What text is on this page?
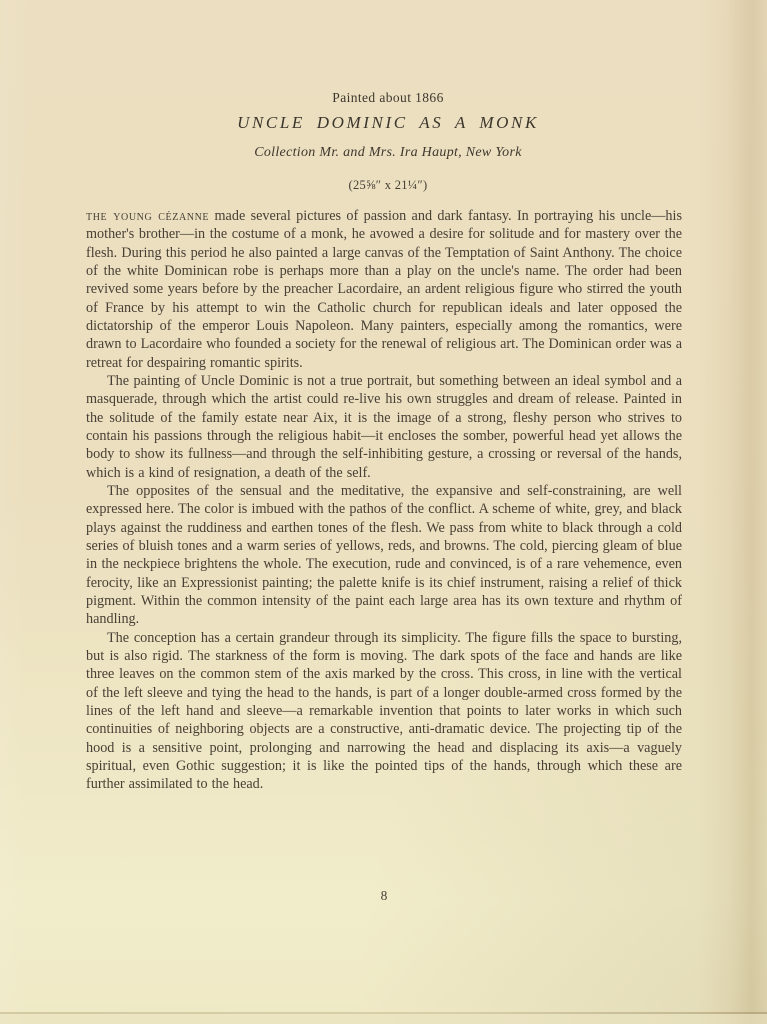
Painted about 1866

UNCLE DOMINIC AS A MONK

Collection Mr. and Mrs. Ira Haupt, New York

(25⅝″ x 21¼″)

the young cézanne made several pictures of passion and dark fantasy. In portraying his uncle—his mother's brother—in the costume of a monk, he avowed a desire for solitude and for mastery over the flesh. During this period he also painted a large canvas of the Temptation of Saint Anthony. The choice of the white Dominican robe is perhaps more than a play on the uncle's name. The order had been revived some years before by the preacher Lacordaire, an ardent religious figure who stirred the youth of France by his attempt to win the Catholic church for republican ideals and later opposed the dictatorship of the emperor Louis Napoleon. Many painters, especially among the romantics, were drawn to Lacordaire who founded a society for the renewal of religious art. The Dominican order was a retreat for despairing romantic spirits.

The painting of Uncle Dominic is not a true portrait, but something between an ideal symbol and a masquerade, through which the artist could re-live his own struggles and dream of release. Painted in the solitude of the family estate near Aix, it is the image of a strong, fleshy person who strives to contain his passions through the religious habit—it encloses the somber, powerful head yet allows the body to show its fullness—and through the self-inhibiting gesture, a crossing or reversal of the hands, which is a kind of resignation, a death of the self.

The opposites of the sensual and the meditative, the expansive and self-constraining, are well expressed here. The color is imbued with the pathos of the conflict. A scheme of white, grey, and black plays against the ruddiness and earthen tones of the flesh. We pass from white to black through a cold series of bluish tones and a warm series of yellows, reds, and browns. The cold, piercing gleam of blue in the neckpiece brightens the whole. The execution, rude and convinced, is of a rare vehemence, even ferocity, like an Expressionist painting; the palette knife is its chief instrument, raising a relief of thick pigment. Within the common intensity of the paint each large area has its own texture and rhythm of handling.

The conception has a certain grandeur through its simplicity. The figure fills the space to bursting, but is also rigid. The starkness of the form is moving. The dark spots of the face and hands are like three leaves on the common stem of the axis marked by the cross. This cross, in line with the vertical of the left sleeve and tying the head to the hands, is part of a longer double-armed cross formed by the lines of the left hand and sleeve—a remarkable invention that points to later works in which such continuities of neighboring objects are a constructive, anti-dramatic device. The projecting tip of the hood is a sensitive point, prolonging and narrowing the head and displacing its axis—a vaguely spiritual, even Gothic suggestion; it is like the pointed tips of the hands, through which these are further assimilated to the head.

8
